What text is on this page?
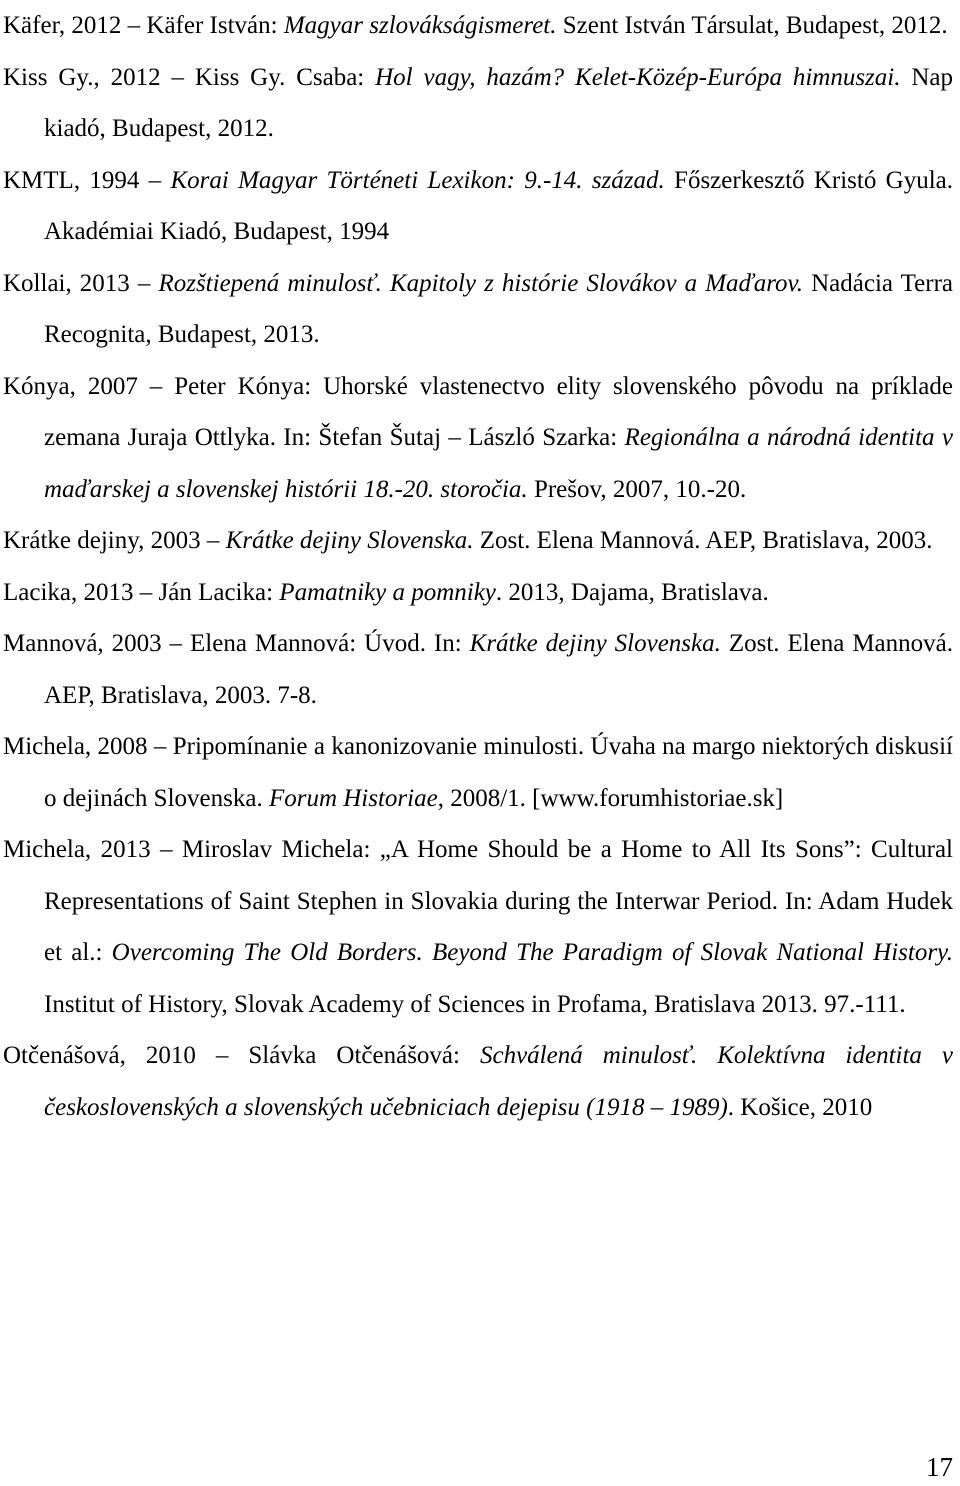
Käfer, 2012 – Käfer István: Magyar szlovákságismeret. Szent István Társulat, Budapest, 2012.

Kiss Gy., 2012 – Kiss Gy. Csaba: Hol vagy, hazám? Kelet-Közép-Európa himnuszai. Nap kiadó, Budapest, 2012.

KMTL, 1994 – Korai Magyar Történeti Lexikon: 9.-14. század. Főszerkesztő Kristó Gyula. Akadémiai Kiadó, Budapest, 1994

Kollai, 2013 – Rozštiepená minulosť. Kapitoly z histórie Slovákov a Maďarov. Nadácia Terra Recognita, Budapest, 2013.

Kónya, 2007 – Peter Kónya: Uhorské vlastenectvo elity slovenského pôvodu na príklade zemana Juraja Ottlyka. In: Štefan Šutaj – László Szarka: Regionálna a národná identita v maďarskej a slovenskej histórii 18.-20. storočia. Prešov, 2007, 10.-20.

Krátke dejiny, 2003 – Krátke dejiny Slovenska. Zost. Elena Mannová. AEP, Bratislava, 2003.

Lacika, 2013 – Ján Lacika: Pamatniky a pomniky. 2013, Dajama, Bratislava.

Mannová, 2003 – Elena Mannová: Úvod. In: Krátke dejiny Slovenska. Zost. Elena Mannová. AEP, Bratislava, 2003. 7-8.

Michela, 2008 – Pripomínanie a kanonizovanie minulosti. Úvaha na margo niektorých diskusií o dejinách Slovenska. Forum Historiae, 2008/1. [www.forumhistoriae.sk]

Michela, 2013 – Miroslav Michela: „A Home Should be a Home to All Its Sons”: Cultural Representations of Saint Stephen in Slovakia during the Interwar Period. In: Adam Hudek et al.: Overcoming The Old Borders. Beyond The Paradigm of Slovak National History. Institut of History, Slovak Academy of Sciences in Profama, Bratislava 2013. 97.-111.

Otčenášová, 2010 – Slávka Otčenášová: Schválená minulosť. Kolektívna identita v československých a slovenských učebniciach dejepisu (1918 – 1989). Košice, 2010

17
